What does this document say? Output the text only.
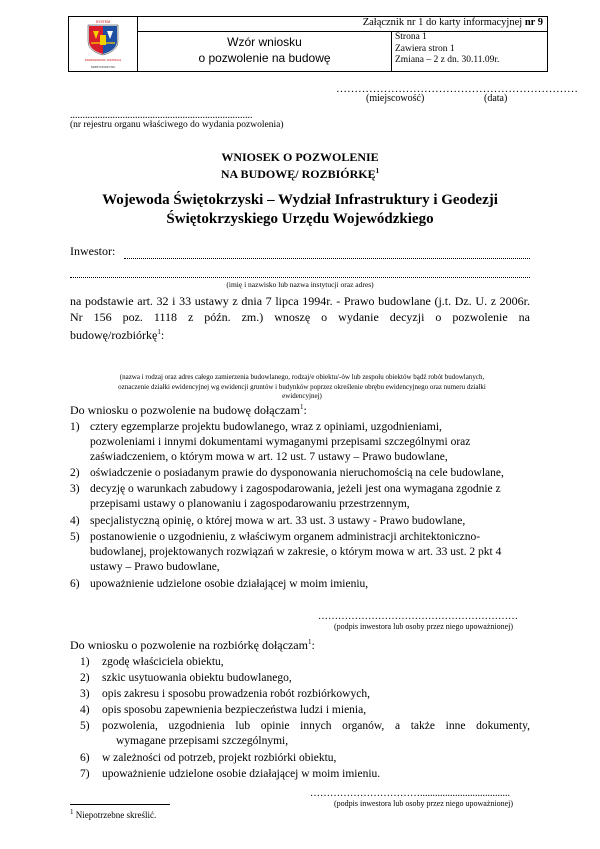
SYSTEM
ZARZĄDZANIA JAKOŚCIĄ
ŚWIĘTOKRZYSKI
Załącznik nr 1 do karty informacyjnej nr 9
Wzór wniosku
o pozwolenie na budowę
Strona 1
Zawiera stron 1
Zmiana – 2 z dn. 30.11.09r.
…………………………………………………………
(miejscowość)	(data)
.........................................................................
(nr rejestru organu właściwego do wydania pozwolenia)
WNIOSEK O POZWOLENIE
NA BUDOWĘ/ ROZBIÓRKĘ$^1$
Wojewoda Świętokrzyski – Wydział Infrastruktury i Geodezji
Świętokrzyskiego Urzędu Wojewódzkiego
Inwestor:
(imię i nazwisko lub nazwa instytucji oraz adres)
na podstawie art. 32 i 33 ustawy z dnia 7 lipca 1994r. - Prawo budowlane (j.t. Dz. U. z 2006r.
Nr 156 poz. 1118 z późn. zm.) wnoszę o wydanie decyzji o pozwolenie na
budowę/rozbiórkę$^1$:
(nazwa i rodzaj oraz adres całego zamierzenia budowlanego, rodzaj/e obiektu/-ów lub zespołu obiektów bądź robót budowlanych,
oznaczenie działki ewidencyjnej wg ewidencji gruntów i budynków poprzez określenie obrębu ewidencyjnego oraz numeru działki
ewidencyjnej)
Do wniosku o pozwolenie na budowę dołączam$^1$:
1) cztery egzemplarze projektu budowlanego, wraz z opiniami, uzgodnieniami,
pozwoleniami i innymi dokumentami wymaganymi przepisami szczególnymi oraz
zaświadczeniem, o którym mowa w art. 12 ust. 7 ustawy – Prawo budowlane,
2) oświadczenie o posiadanym prawie do dysponowania nieruchomością na cele budowlane,
3) decyzję o warunkach zabudowy i zagospodarowania, jeżeli jest ona wymagana zgodnie z
przepisami ustawy o planowaniu i zagospodarowaniu przestrzennym,
4) specjalistyczną opinię, o której mowa w art. 33 ust. 3 ustawy - Prawo budowlane,
5) postanowienie o uzgodnieniu, z właściwym organem administracji architektoniczno-
budowlanej, projektowanych rozwiązań w zakresie, o którym mowa w art. 33 ust. 2 pkt 4
ustawy – Prawo budowlane,
6) upoważnienie udzielone osobie działającej w moim imieniu,
……………………………………………………
(podpis inwestora lub osoby przez niego upoważnionej)
Do wniosku o pozwolenie na rozbiórkę dołączam$^1$:
1) zgodę właściciela obiektu,
2) szkic usytuowania obiektu budowlanego,
3) opis zakresu i sposobu prowadzenia robót rozbiórkowych,
4) opis sposobu zapewnienia bezpieczeństwa ludzi i mienia,
5) pozwolenia, uzgodnienia lub opinie innych organów, a także inne dokumenty,
wymagane przepisami szczególnymi,
6) w zależności od potrzeb, projekt rozbiórki obiektu,
7) upoważnienie udzielone osobie działającej w moim imieniu.
……………………………....................................
(podpis inwestora lub osoby przez niego upoważnionej)
$^1$ Niepotrzebne skreślić.
